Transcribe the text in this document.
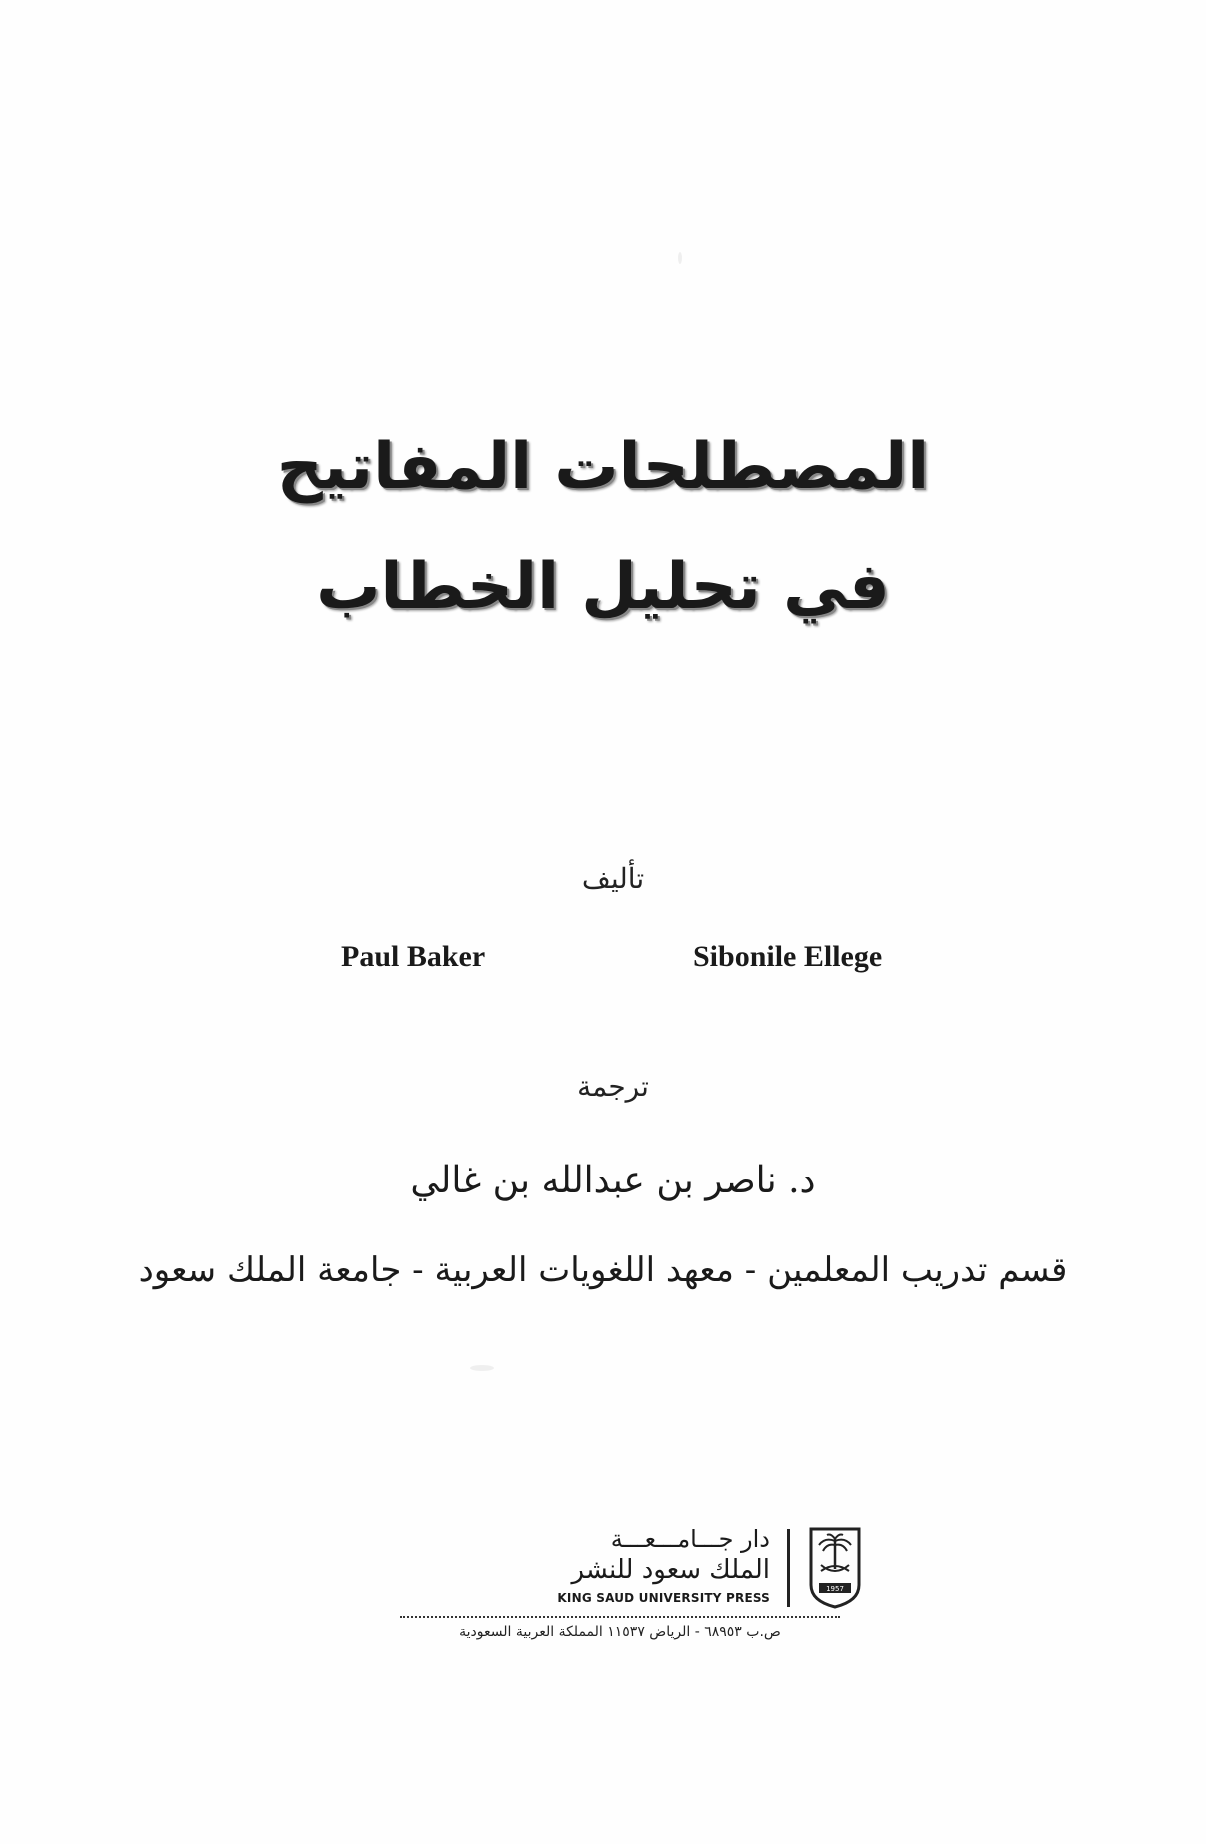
المصطلحات المفاتيح
في تحليل الخطاب
تأليف
Paul Baker	Sibonile Ellege
ترجمة
د. ناصر بن عبدالله بن غالي
قسم تدريب المعلمين - معهد اللغويات العربية - جامعة الملك سعود
1957
دار جـــامـــعـــة
الملك سعود للنشر
KING SAUD UNIVERSITY PRESS
ص.ب ٦٨٩٥٣ - الرياض ١١٥٣٧ المملكة العربية السعودية
